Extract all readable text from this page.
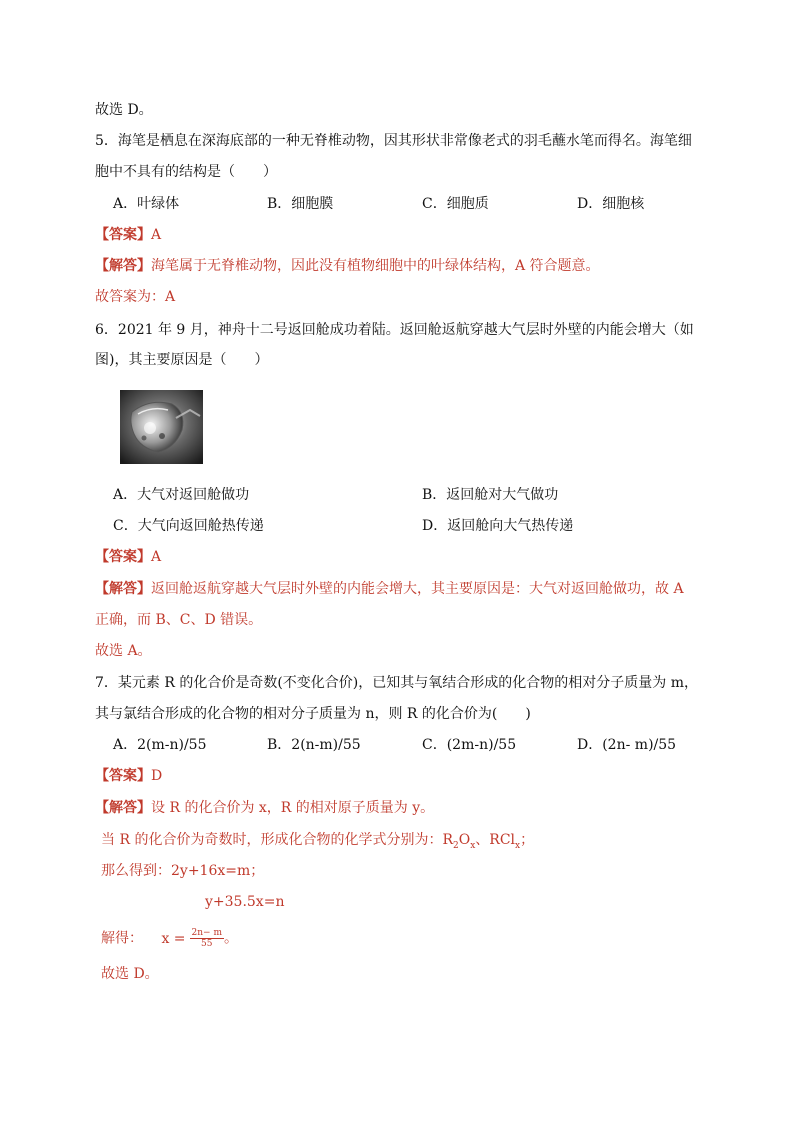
故选 D。
5．海笔是栖息在深海底部的一种无脊椎动物，因其形状非常像老式的羽毛蘸水笔而得名。海笔细
胞中不具有的结构是（　　）
A．叶绿体	B．细胞膜	C．细胞质	D．细胞核
【答案】A
【解答】海笔属于无脊椎动物，因此没有植物细胞中的叶绿体结构，A 符合题意。
故答案为：A
6．2021 年 9 月，神舟十二号返回舱成功着陆。返回舱返航穿越大气层时外壁的内能会增大（如
图)，其主要原因是（　　）
A．大气对返回舱做功	B．返回舱对大气做功
C．大气向返回舱热传递	D．返回舱向大气热传递
【答案】A
【解答】返回舱返航穿越大气层时外壁的内能会增大，其主要原因是：大气对返回舱做功，故 A
正确，而 B、C、D 错误。
故选 A。
7．某元素 R 的化合价是奇数(不变化合价)，已知其与氧结合形成的化合物的相对分子质量为 m，
其与氯结合形成的化合物的相对分子质量为 n，则 R 的化合价为(　　)
A．2(m-n)/55	B．2(n-m)/55	C．(2m-n)/55	D．(2n- m)/55
【答案】D
【解答】设 R 的化合价为 x，R 的相对原子质量为 y。
当 R 的化合价为奇数时，形成化合物的化学式分别为：$R_2O_x$、RCl$_x$；
那么得到：2y+16x=m；
y+35.5x=n
解得： $x = \frac{2n- m}{55}$ 。
故选 D。
